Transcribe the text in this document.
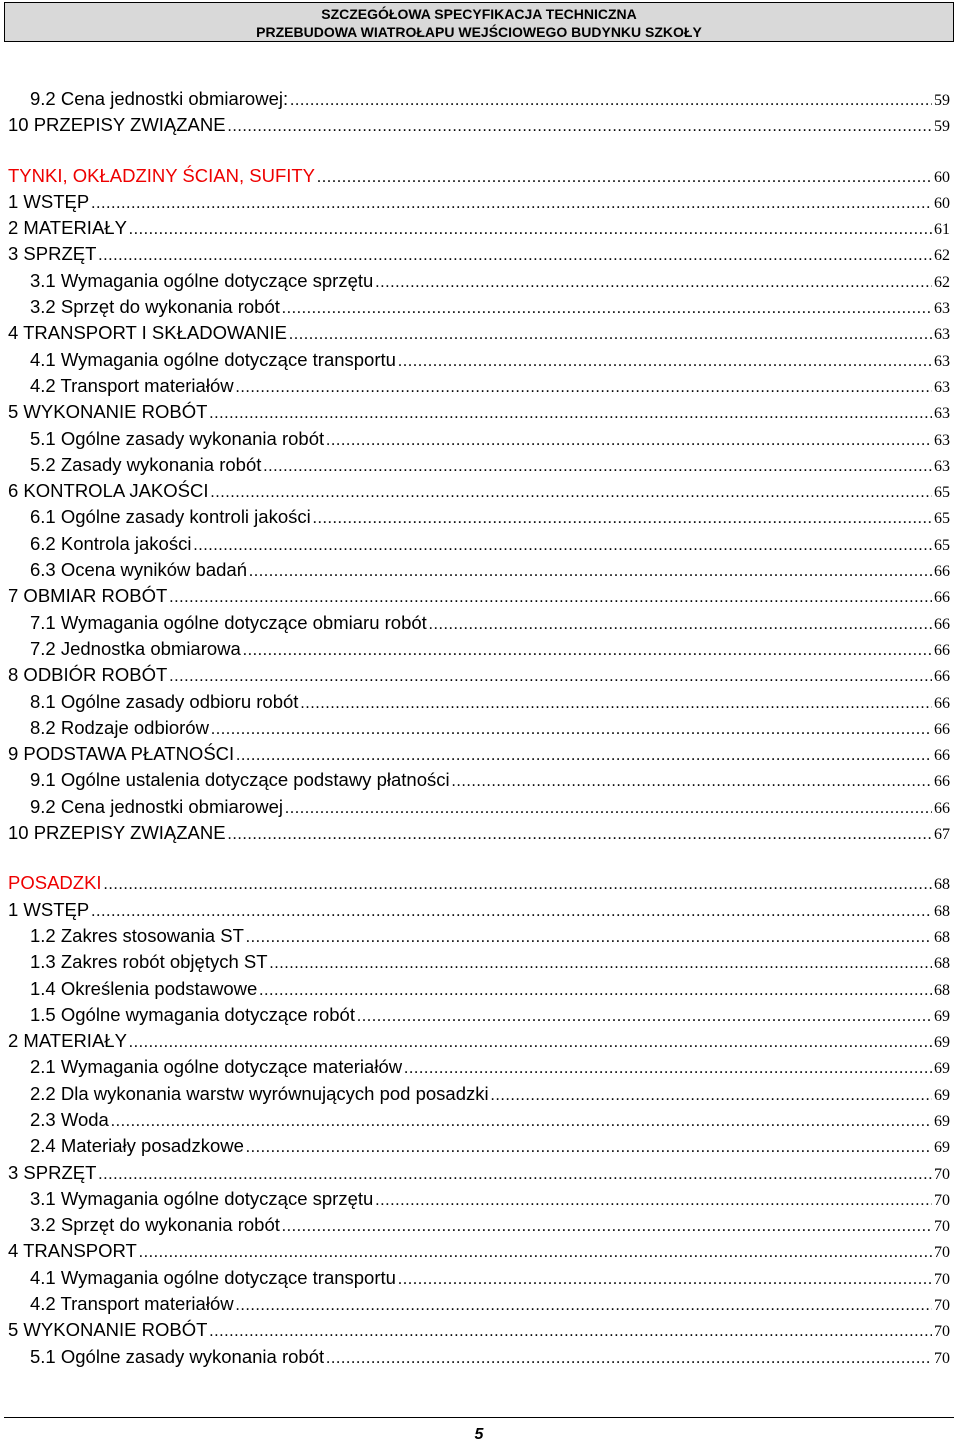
SZCZEGÓŁOWA SPECYFIKACJA TECHNICZNA
PRZEBUDOWA WIATROŁAPU WEJŚCIOWEGO BUDYNKU SZKOŁY
9.2 Cena jednostki obmiarowej: .....	59
10 PRZEPISY ZWIĄZANE .....	59
TYNKI, OKŁADZINY ŚCIAN, SUFITY .....	60
1 WSTĘP .....	60
2 MATERIAŁY .....	61
3 SPRZĘT .....	62
3.1 Wymagania ogólne dotyczące sprzętu .....	62
3.2 Sprzęt do wykonania robót .....	63
4 TRANSPORT I SKŁADOWANIE .....	63
4.1 Wymagania ogólne dotyczące transportu .....	63
4.2 Transport materiałów .....	63
5 WYKONANIE ROBÓT .....	63
5.1 Ogólne zasady wykonania robót .....	63
5.2 Zasady wykonania robót .....	63
6 KONTROLA JAKOŚCI .....	65
6.1 Ogólne zasady kontroli jakości .....	65
6.2 Kontrola jakości .....	65
6.3 Ocena wyników badań .....	66
7 OBMIAR ROBÓT .....	66
7.1 Wymagania ogólne dotyczące obmiaru robót .....	66
7.2 Jednostka obmiarowa .....	66
8 ODBIÓR ROBÓT .....	66
8.1 Ogólne zasady odbioru robót .....	66
8.2 Rodzaje odbiorów .....	66
9 PODSTAWA PŁATNOŚCI .....	66
9.1 Ogólne ustalenia dotyczące podstawy płatności .....	66
9.2 Cena jednostki obmiarowej .....	66
10 PRZEPISY ZWIĄZANE .....	67
POSADZKI .....	68
1 WSTĘP .....	68
1.2 Zakres stosowania ST .....	68
1.3 Zakres robót objętych ST .....	68
1.4 Określenia podstawowe .....	68
1.5 Ogólne wymagania dotyczące robót .....	69
2 MATERIAŁY .....	69
2.1 Wymagania ogólne dotyczące materiałów .....	69
2.2 Dla wykonania warstw wyrównujących pod posadzki .....	69
2.3 Woda .....	69
2.4 Materiały posadzkowe .....	69
3 SPRZĘT .....	70
3.1 Wymagania ogólne dotyczące sprzętu .....	70
3.2 Sprzęt do wykonania robót .....	70
4 TRANSPORT .....	70
4.1 Wymagania ogólne dotyczące transportu .....	70
4.2 Transport materiałów .....	70
5 WYKONANIE ROBÓT .....	70
5.1 Ogólne zasady wykonania robót .....	70
5
